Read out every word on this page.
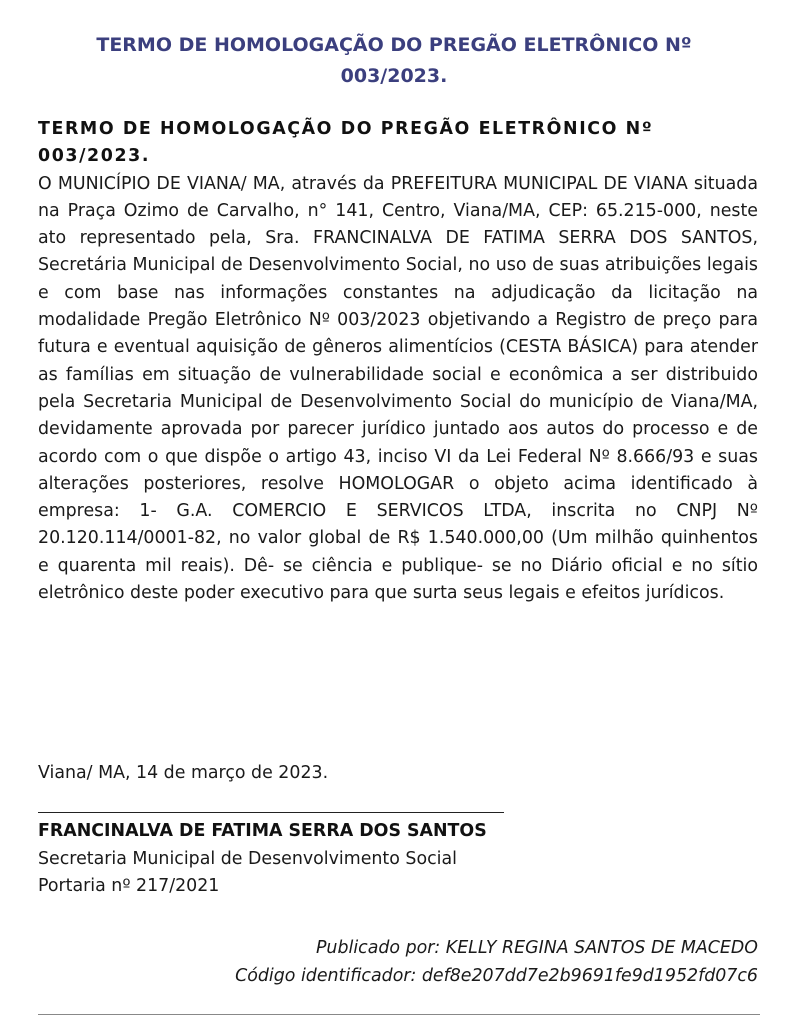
TERMO DE HOMOLOGAÇÃO DO PREGÃO ELETRÔNICO Nº
003/2023.
TERMO DE HOMOLOGAÇÃO DO PREGÃO ELETRÔNICO Nº
003/2023.
O MUNICÍPIO DE VIANA/ MA, através da PREFEITURA MUNICIPAL DE VIANA situada na Praça Ozimo de Carvalho, n° 141, Centro, Viana/MA, CEP: 65.215-000, neste ato representado pela, Sra. FRANCINALVA DE FATIMA SERRA DOS SANTOS, Secretária Municipal de Desenvolvimento Social, no uso de suas atribuições legais e com base nas informações constantes na adjudicação da licitação na modalidade Pregão Eletrônico Nº 003/2023 objetivando a Registro de preço para futura e eventual aquisição de gêneros alimentícios (CESTA BÁSICA) para atender as famílias em situação de vulnerabilidade social e econômica a ser distribuido pela Secretaria Municipal de Desenvolvimento Social do município de Viana/MA, devidamente aprovada por parecer jurídico juntado aos autos do processo e de acordo com o que dispõe o artigo 43, inciso VI da Lei Federal Nº 8.666/93 e suas alterações posteriores, resolve HOMOLOGAR o objeto acima identificado à empresa: 1- G.A. COMERCIO E SERVICOS LTDA, inscrita no CNPJ Nº 20.120.114/0001-82, no valor global de R$ 1.540.000,00 (Um milhão quinhentos e quarenta mil reais). Dê- se ciência e publique- se no Diário oficial e no sítio eletrônico deste poder executivo para que surta seus legais e efeitos jurídicos.
Viana/ MA, 14 de março de 2023.
FRANCINALVA DE FATIMA SERRA DOS SANTOS
Secretaria Municipal de Desenvolvimento Social
Portaria nº 217/2021
Publicado por: KELLY REGINA SANTOS DE MACEDO
Código identificador: def8e207dd7e2b9691fe9d1952fd07c6
